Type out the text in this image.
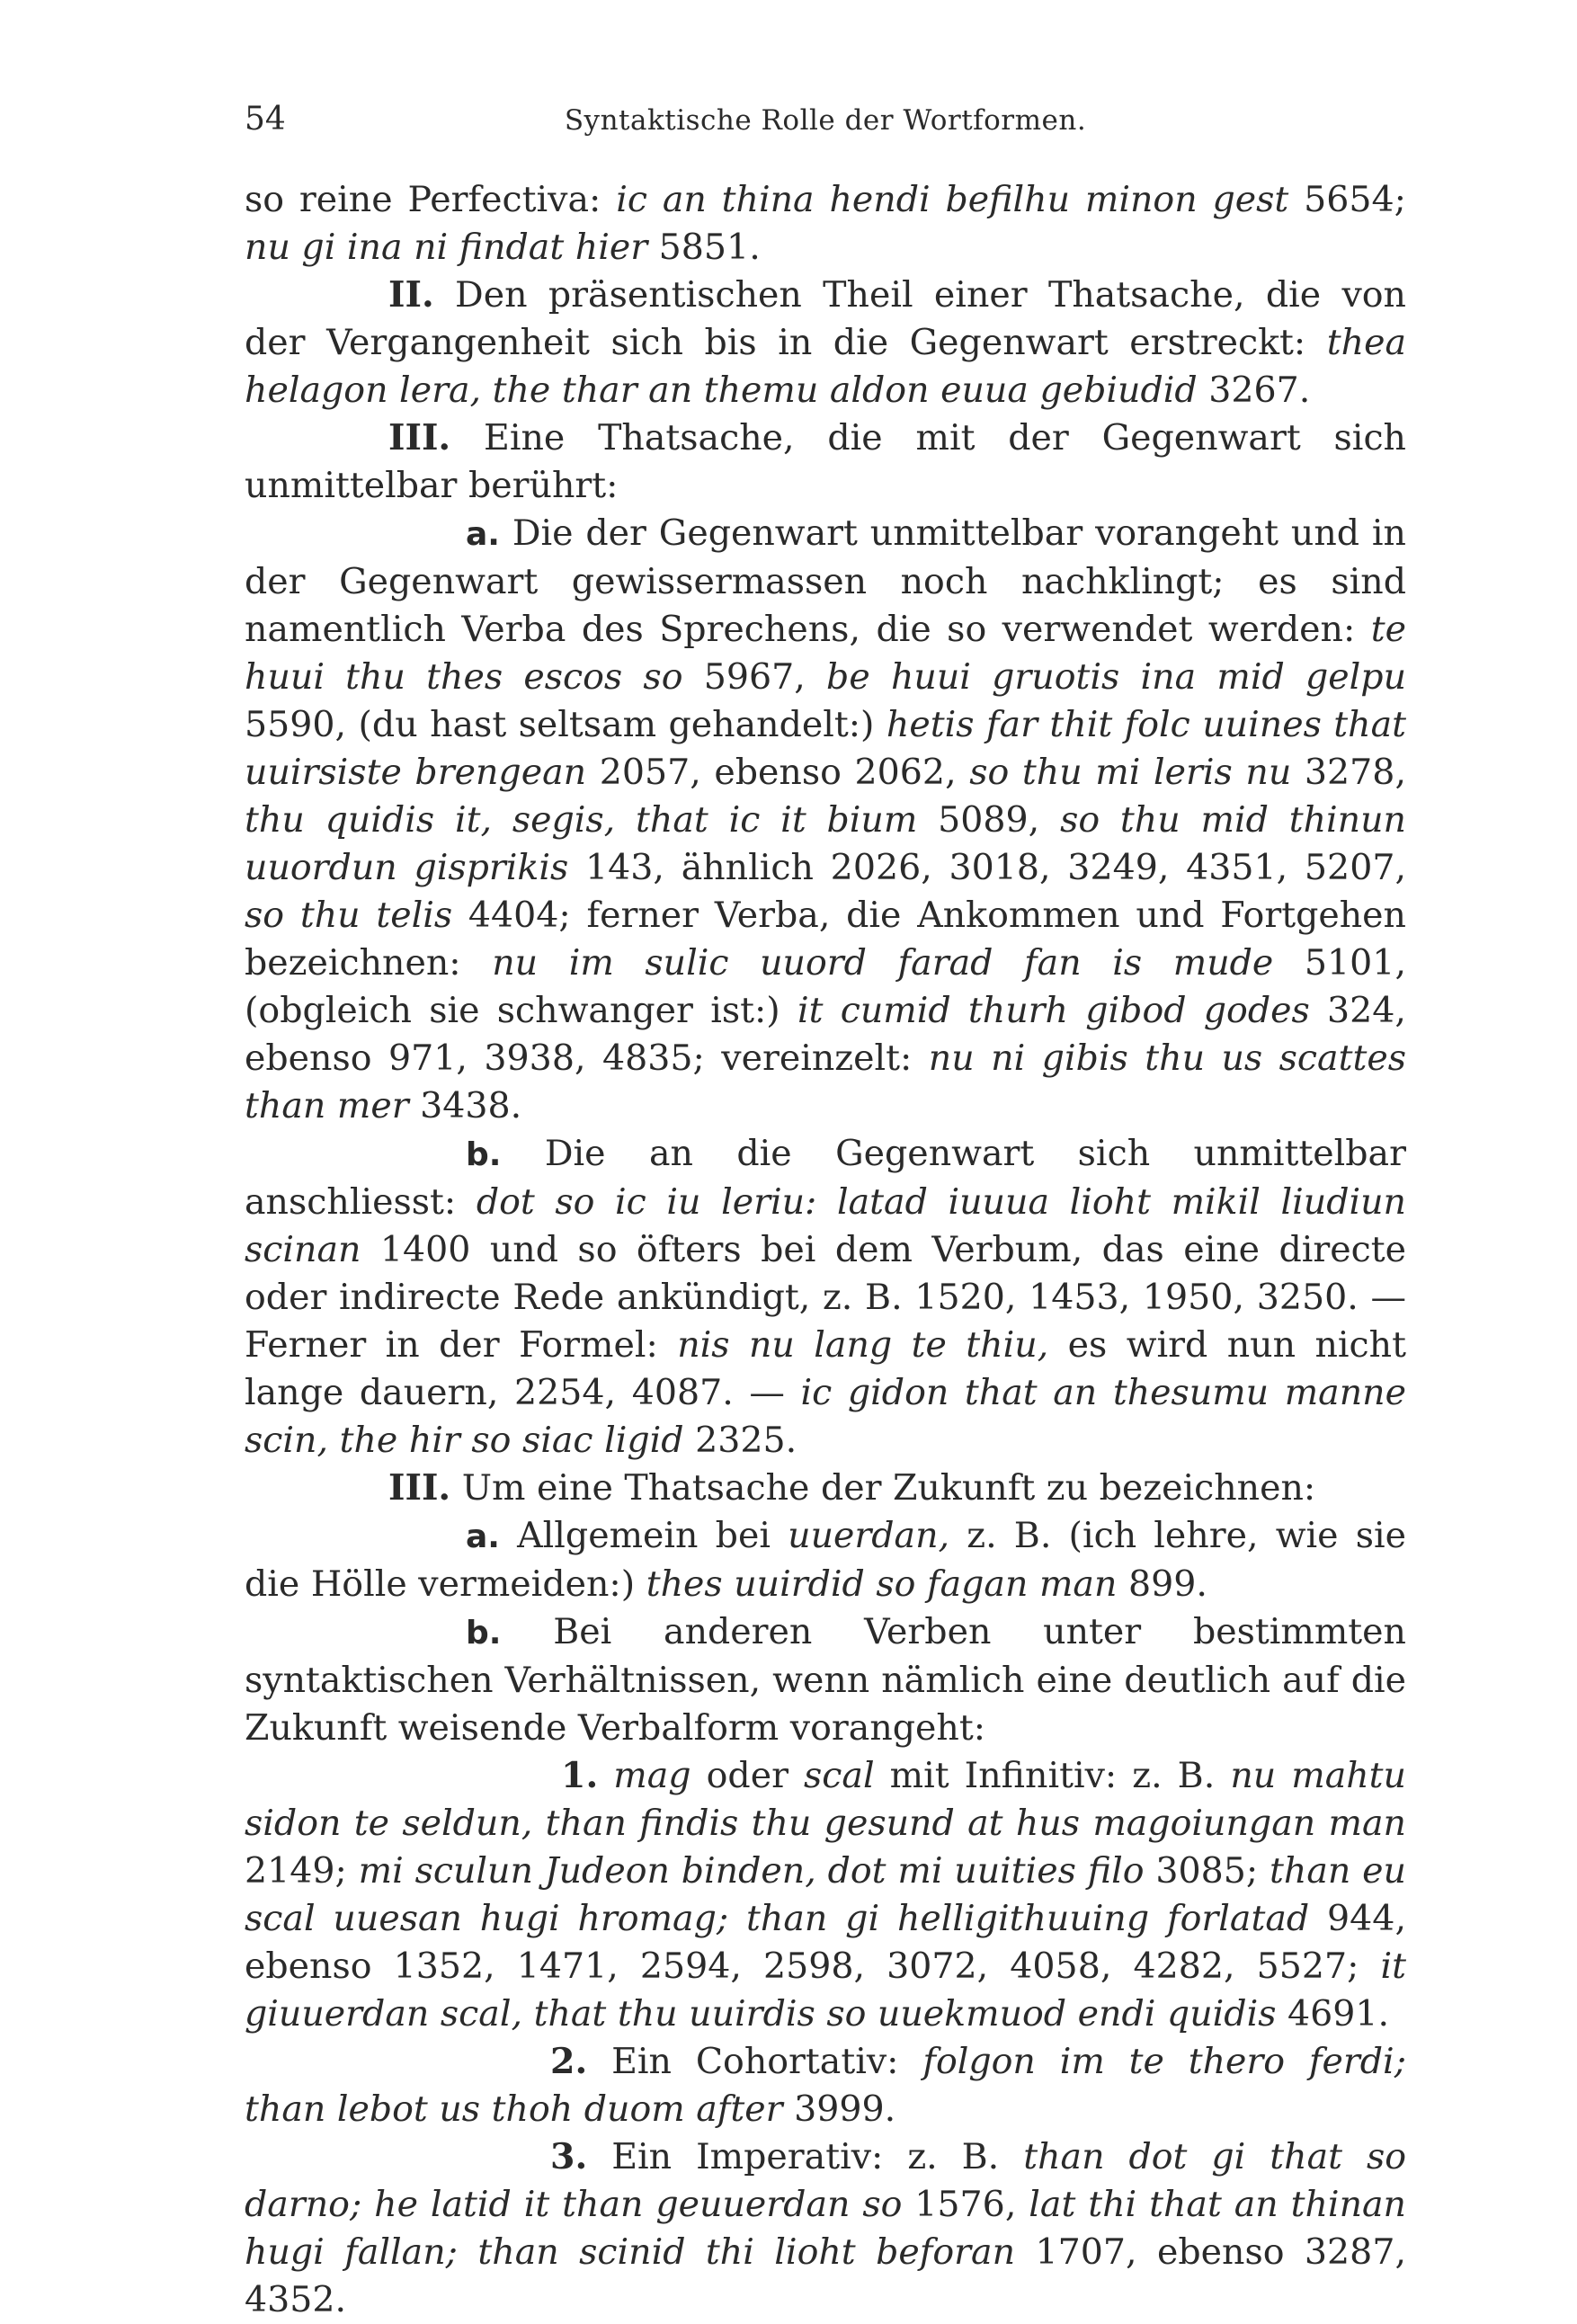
54	Syntaktische Rolle der Wortformen.

so reine Perfectiva: ic an thina hendi befilhu minon gest 5654; nu gi ina ni findat hier 5851.

II. Den präsentischen Theil einer Thatsache, die von der Vergangenheit sich bis in die Gegenwart erstreckt: thea helagon lera, the thar an themu aldon euua gebiudid 3267.

III. Eine Thatsache, die mit der Gegenwart sich unmittelbar berührt:

a. Die der Gegenwart unmittelbar vorangeht und in der Gegenwart gewissermassen noch nachklingt; es sind namentlich Verba des Sprechens, die so verwendet werden: te huui thu thes escos so 5967, be huui gruotis ina mid gelpu 5590, (du hast seltsam gehandelt:) hetis far thit folc uuines that uuirsiste brengean 2057, ebenso 2062, so thu mi leris nu 3278, thu quidis it, segis, that ic it bium 5089, so thu mid thinun uuordun gisprikis 143, ähnlich 2026, 3018, 3249, 4351, 5207, so thu telis 4404; ferner Verba, die Ankommen und Fortgehen bezeichnen: nu im sulic uuord farad fan is mude 5101, (obgleich sie schwanger ist:) it cumid thurh gibod godes 324, ebenso 971, 3938, 4835; vereinzelt: nu ni gibis thu us scattes than mer 3438.

b. Die an die Gegenwart sich unmittelbar anschliesst: dot so ic iu leriu: latad iuuua lioht mikil liudiun scinan 1400 und so öfters bei dem Verbum, das eine directe oder indirecte Rede ankündigt, z. B. 1520, 1453, 1950, 3250. — Ferner in der Formel: nis nu lang te thiu, es wird nun nicht lange dauern, 2254, 4087. — ic gidon that an thesumu manne scin, the hir so siac ligid 2325.

III. Um eine Thatsache der Zukunft zu bezeichnen:

a. Allgemein bei uuerdan, z. B. (ich lehre, wie sie die Hölle vermeiden:) thes uuirdid so fagan man 899.

b. Bei anderen Verben unter bestimmten syntaktischen Verhältnissen, wenn nämlich eine deutlich auf die Zukunft weisende Verbalform vorangeht:

1. mag oder scal mit Infinitiv: z. B. nu mahtu sidon te seldun, than findis thu gesund at hus magoiungan man 2149; mi sculun Judeon binden, dot mi uuities filo 3085; than eu scal uuesan hugi hromag; than gi helligithuuing forlatad 944, ebenso 1352, 1471, 2594, 2598, 3072, 4058, 4282, 5527; it giuuerdan scal, that thu uuirdis so uuekmuod endi quidis 4691.

2. Ein Cohortativ: folgon im te thero ferdi; than lebot us thoh duom after 3999.

3. Ein Imperativ: z. B. than dot gi that so darno; he latid it than geuuerdan so 1576, lat thi that an thinan hugi fallan; than scinid thi lioht beforan 1707, ebenso 3287, 4352.
